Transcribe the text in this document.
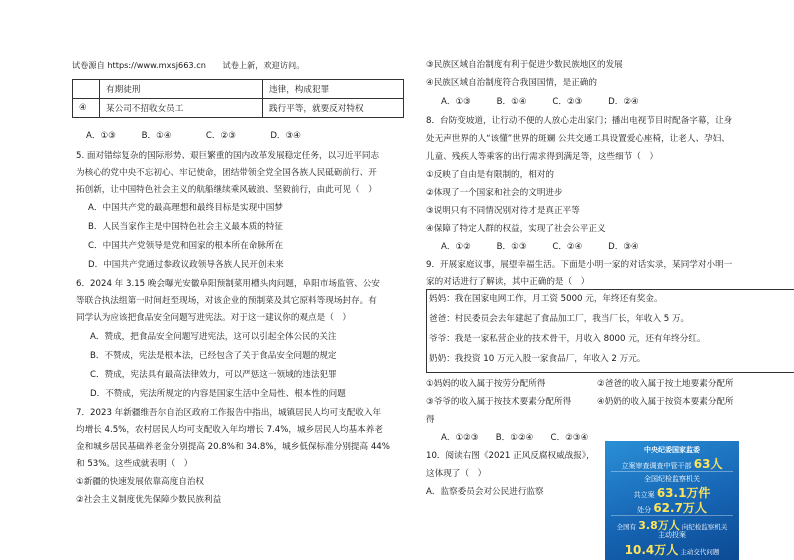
试卷源自 https://www.mxsj663.cn 试卷上新，欢迎访问。
	有期徒刑	违律，构成犯罪
④	某公司不招收女员工	践行平等，就要反对特权
A．①③　　　B．①④　　　　C．②③　　　　D．③④
5. 面对错综复杂的国际形势、艰巨繁重的国内改革发展稳定任务，以习近平同志
为核心的党中央不忘初心、牢记使命，团结带领全党全国各族人民砥砺前行、开
拓创新，让中国特色社会主义的航船继续乘风破浪、坚毅前行，由此可见（　）
A．中国共产党的最高理想和最终目标是实现中国梦
B．人民当家作主是中国特色社会主义最本质的特征
C．中国共产党领导是党和国家的根本所在命脉所在
D．中国共产党通过参政议政领导各族人民开创未来
6．2024 年 3.15 晚会曝光安徽阜阳预制菜用槽头肉问题，阜阳市场监管、公安
等联合执法组第一时间赶至现场，对该企业的预制菜及其它原料等现场封存。有
同学认为应该把食品安全问题写进宪法。对于这一建议你的观点是（　）
A．赞成，把食品安全问题写进宪法，这可以引起全体公民的关注
B．不赞成，宪法是根本法，已经包含了关于食品安全问题的规定
C．赞成，宪法具有最高法律效力，可以严惩这一领域的违法犯罪
D．不赞成，宪法所规定的内容是国家生活中全局性、根本性的问题
7．2023 年新疆维吾尔自治区政府工作报告中指出，城镇居民人均可支配收入年
均增长 4.5%，农村居民人均可支配收入年均增长 7.4%，城乡居民人均基本养老
金和城乡居民基础养老金分别提高 20.8%和 34.8%，城乡低保标准分别提高 44%
和 53%。这些成就表明（　）
①新疆的快速发展依靠高度自治权
②社会主义制度优先保障少数民族利益
③民族区域自治制度有利于促进少数民族地区的发展
④民族区域自治制度符合我国国情，是正确的
A．①③　　　B．①④　　　C．②③　　　D．②④
8．台防变坡道，让行动不便的人放心走出家门；播出电视节目时配备字幕，让身
处无声世界的人“该懂”世界的斑斓 公共交通工具设置爱心座椅，让老人、孕妇、
儿童、残疾人等乘客的出行需求得到满足等，这些细节（　）
①反映了自由是有限制的，相对的
②体现了一个国家和社会的文明进步
③说明只有不同情况别对待才是真正平等
④保障了特定人群的权益，实现了社会公平正义
A．①②　　　B．①③　　　C．②④　　　D．③④
9．开展家庭议事，展望幸福生活。下面是小明一家的对话实录，某同学对小明一
家的对话进行了解读，其中正确的是（　）
妈妈：我在国家电网工作，月工资 5000 元，年终还有奖金。
爸爸：村民委员会去年建起了食品加工厂，我当厂长，年收入 5 万。
爷爷：我是一家私营企业的技术骨干，月收入 8000 元，还有年终分红。
奶奶：我投资 10 万元入股一家食品厂，年收入 2 万元。
①妈妈的收入属于按劳分配所得	②爸爸的收入属于按土地要素分配所
③爷爷的收入属于按技术要素分配所得	④奶奶的收入属于按资本要素分配所
得
A．①②③　　B．①②④　　C．②③④
10．阅读右图《2021 正风反腐权威战报》，
这体现了（　）
A．监察委员会对公民进行监察
中央纪委国家监委
立案审查调查中管干部 63人
全国纪检监察机关
共立案 63.1万件
处分 62.7万人
全国有 3.8万人 向纪检监察机关
主动投案
10.4万人 主动交代问题
